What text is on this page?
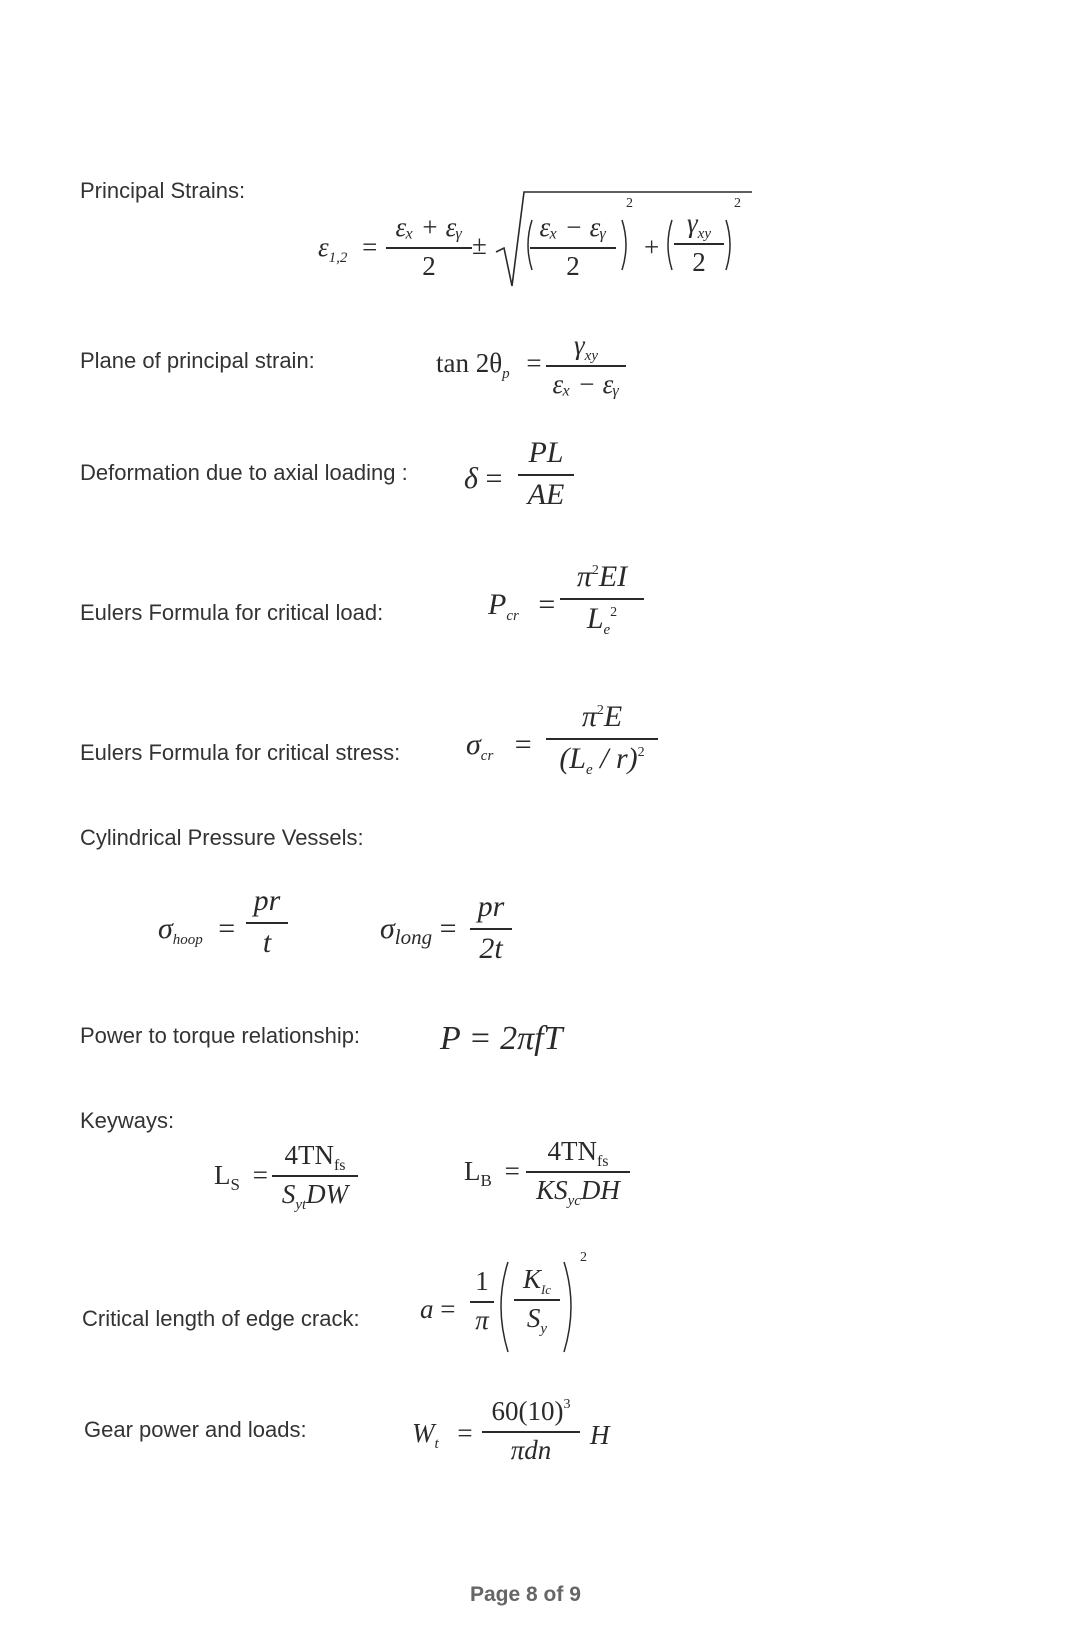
Principal Strains:
Plane of principal strain:
Deformation due to axial loading :
Eulers Formula for critical load:
Eulers Formula for critical stress:
Cylindrical Pressure Vessels:
Power to torque relationship:
Keyways:
Critical length of edge crack:
Gear power and loads:
$\varepsilon_{1,2}$ =
εₓ + εᵧ
2
±
εₓ − εᵧ
2
2
+
$\gamma_{xy}$
2
2
$\tan 2\theta_p$ =
$\gamma_{xy}$
εₓ − εᵧ
δ =
PL
AE
$P_{cr}$ =
$\pi^2EI$
$L_e^2$
$\sigma_{cr}$ =
$\pi^2E$
$(L_e / r)^2$
$\sigma_{hoop}$ =
pr
t	$\sigma_{long}$ =
pr
2t
P = 2πfT
$L_S$ =
$4TN_{fs}$
$S_{yt}DW$
$L_B$ =
$4TN_{fs}$
$KS_{yc}DH$
a =
1
π
$K_{Ic}$
$S_y$
2
$W_t$ =
$60(10)^3$
πdn H
Page 8 of 9
